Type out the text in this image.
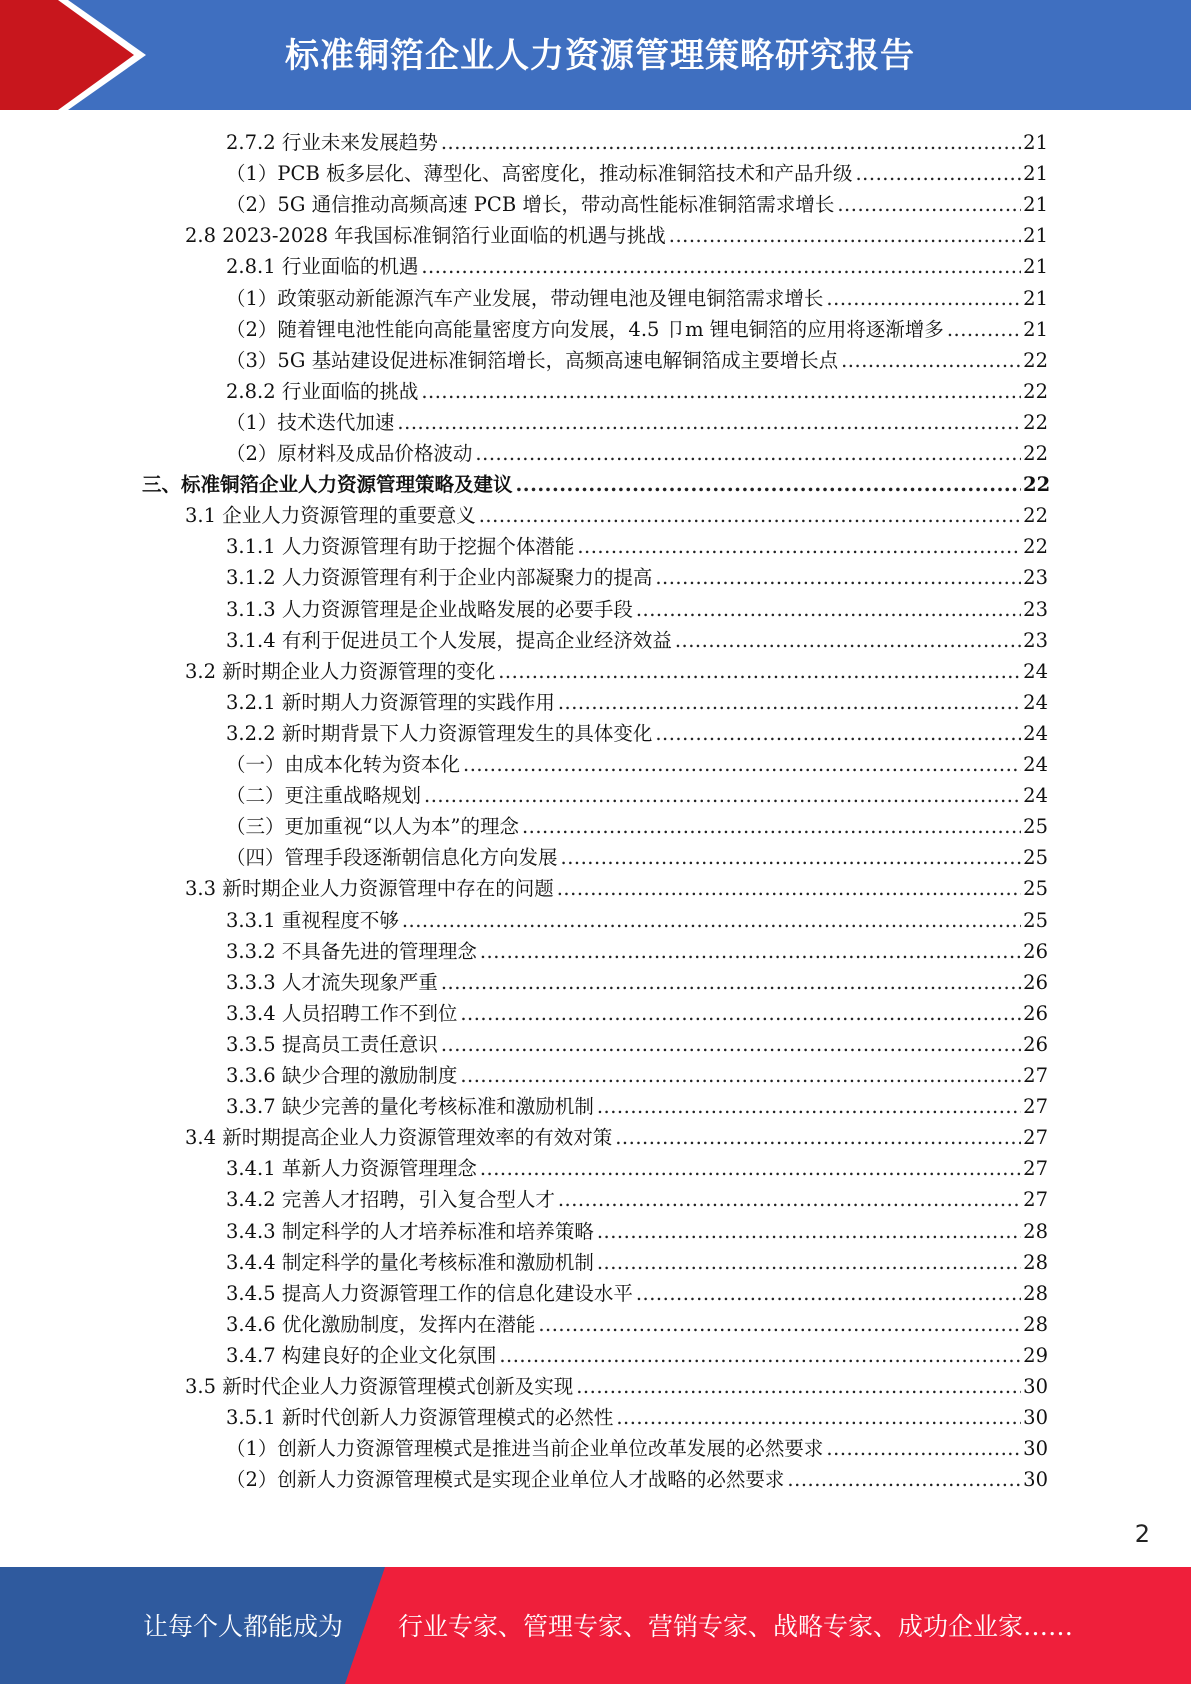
标准铜箔企业人力资源管理策略研究报告
2.7.2 行业未来发展趋势 .....	21
（1）PCB 板多层化、薄型化、高密度化，推动标准铜箔技术和产品升级 .....	21
（2）5G 通信推动高频高速 PCB 增长，带动高性能标准铜箔需求增长 .....	21
2.8 2023-2028 年我国标准铜箔行业面临的机遇与挑战 .....	21
2.8.1 行业面临的机遇 .....	21
（1）政策驱动新能源汽车产业发展，带动锂电池及锂电铜箔需求增长 .....	21
（2）随着锂电池性能向高能量密度方向发展，4.5 卩m 锂电铜箔的应用将逐渐增多 .....	21
（3）5G 基站建设促进标准铜箔增长，高频高速电解铜箔成主要增长点 .....	22
2.8.2 行业面临的挑战 .....	22
（1）技术迭代加速 .....	22
（2）原材料及成品价格波动 .....	22
三、标准铜箔企业人力资源管理策略及建议 .....	22
3.1 企业人力资源管理的重要意义 .....	22
3.1.1 人力资源管理有助于挖掘个体潜能 .....	22
3.1.2 人力资源管理有利于企业内部凝聚力的提高 .....	23
3.1.3 人力资源管理是企业战略发展的必要手段 .....	23
3.1.4 有利于促进员工个人发展，提高企业经济效益 .....	23
3.2 新时期企业人力资源管理的变化 .....	24
3.2.1 新时期人力资源管理的实践作用 .....	24
3.2.2 新时期背景下人力资源管理发生的具体变化 .....	24
（一）由成本化转为资本化 .....	24
（二）更注重战略规划 .....	24
（三）更加重视“以人为本”的理念 .....	25
（四）管理手段逐渐朝信息化方向发展 .....	25
3.3 新时期企业人力资源管理中存在的问题 .....	25
3.3.1 重视程度不够 .....	25
3.3.2 不具备先进的管理理念 .....	26
3.3.3 人才流失现象严重 .....	26
3.3.4 人员招聘工作不到位 .....	26
3.3.5 提高员工责任意识 .....	26
3.3.6 缺少合理的激励制度 .....	27
3.3.7 缺少完善的量化考核标准和激励机制 .....	27
3.4 新时期提高企业人力资源管理效率的有效对策 .....	27
3.4.1 革新人力资源管理理念 .....	27
3.4.2 完善人才招聘，引入复合型人才 .....	27
3.4.3 制定科学的人才培养标准和培养策略 .....	28
3.4.4 制定科学的量化考核标准和激励机制 .....	28
3.4.5 提高人力资源管理工作的信息化建设水平 .....	28
3.4.6 优化激励制度，发挥内在潜能 .....	28
3.4.7 构建良好的企业文化氛围 .....	29
3.5 新时代企业人力资源管理模式创新及实现 .....	30
3.5.1 新时代创新人力资源管理模式的必然性 .....	30
（1）创新人力资源管理模式是推进当前企业单位改革发展的必然要求 .....	30
（2）创新人力资源管理模式是实现企业单位人才战略的必然要求 .....	30
2
让每个人都能成为 行业专家、管理专家、营销专家、战略专家、成功企业家……
